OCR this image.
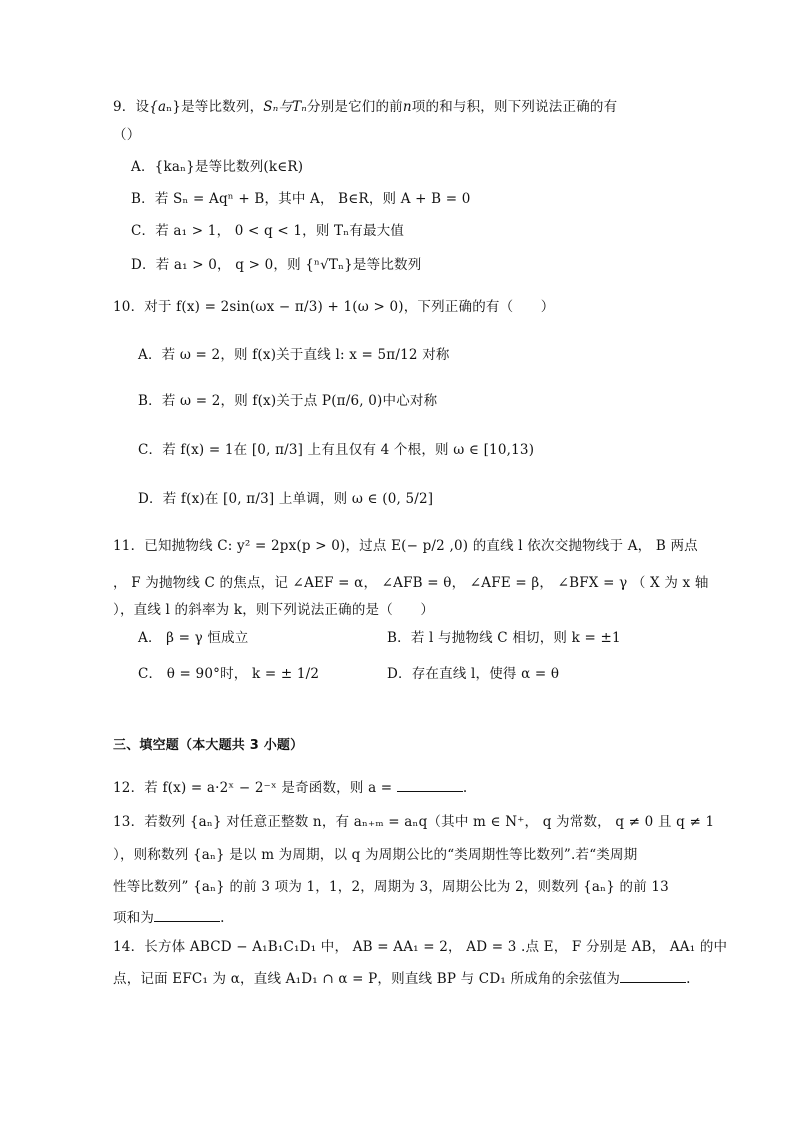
9．设{aₙ}是等比数列，Sₙ与Tₙ分别是它们的前n项的和与积，则下列说法正确的有
（）
A．{kaₙ}是等比数列(k∈R)
B．若 Sₙ = Aqⁿ + B，其中 A， B∈R，则 A + B = 0
C．若 a₁ > 1， 0 < q < 1，则 Tₙ有最大值
D．若 a₁ > 0， q > 0，则 {ⁿ√Tₙ}是等比数列
10．对于 f(x) = 2sin(ωx − π/3) + 1(ω > 0)，下列正确的有（　　）
A．若 ω = 2，则 f(x)关于直线 l: x = 5π/12 对称
B．若 ω = 2，则 f(x)关于点 P(π/6, 0)中心对称
C．若 f(x) = 1在 [0, π/3] 上有且仅有 4 个根，则 ω ∈ [10,13)
D．若 f(x)在 [0, π/3] 上单调，则 ω ∈ (0, 5/2]
11．已知抛物线 C: y² = 2px(p > 0)，过点 E(− p/2 ,0) 的直线 l 依次交抛物线于 A， B 两点
， F 为抛物线 C 的焦点，记 ∠AEF = α， ∠AFB = θ， ∠AFE = β， ∠BFX = γ （ X 为 x 轴
），直线 l 的斜率为 k，则下列说法正确的是（　　）
A． β = γ 恒成立	B．若 l 与抛物线 C 相切，则 k = ±1
C． θ = 90°时， k = ± 1/2	D．存在直线 l，使得 α = θ
三、填空题（本大题共 3 小题）
12．若 f(x) = a·2ˣ − 2⁻ˣ 是奇函数，则 a =	.
13．若数列 {aₙ} 对任意正整数 n，有 aₙ₊ₘ = aₙq（其中 m ∈ N⁺， q 为常数， q ≠ 0 且 q ≠ 1
），则称数列 {aₙ} 是以 m 为周期，以 q 为周期公比的“类周期性等比数列”.若“类周期
性等比数列” {aₙ} 的前 3 项为 1，1，2，周期为 3，周期公比为 2，则数列 {aₙ} 的前 13
项和为	.
14．长方体 ABCD − A₁B₁C₁D₁ 中， AB = AA₁ = 2， AD = 3 .点 E， F 分别是 AB， AA₁ 的中
点，记面 EFC₁ 为 α，直线 A₁D₁ ∩ α = P，则直线 BP 与 CD₁ 所成角的余弦值为	.
